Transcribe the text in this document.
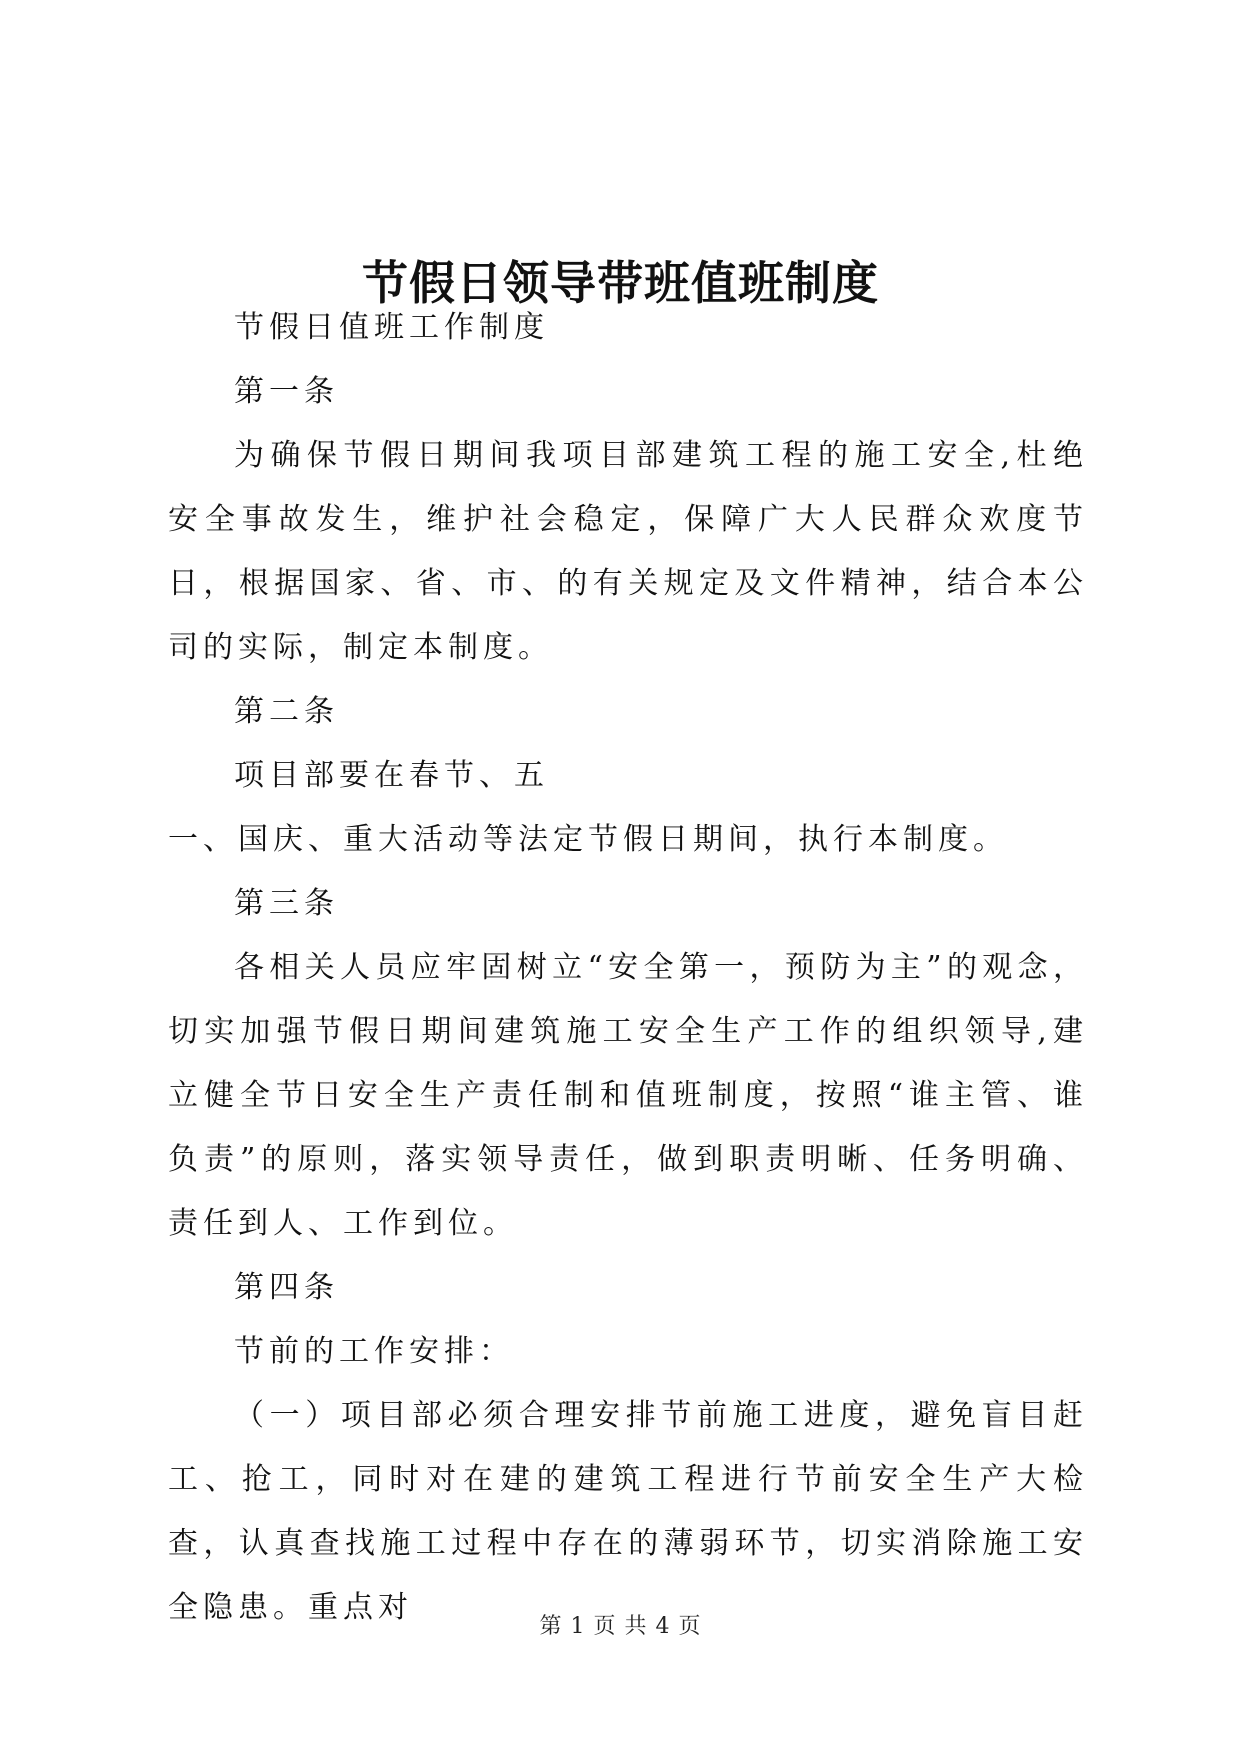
节假日领导带班值班制度

节假日值班工作制度

第一条

为确保节假日期间我项目部建筑工程的施工安全,杜绝安全事故发生，维护社会稳定，保障广大人民群众欢度节日，根据国家、省、市、的有关规定及文件精神，结合本公司的实际，制定本制度。

第二条

项目部要在春节、五

一、国庆、重大活动等法定节假日期间，执行本制度。

第三条

各相关人员应牢固树立“安全第一，预防为主”的观念，切实加强节假日期间建筑施工安全生产工作的组织领导,建立健全节日安全生产责任制和值班制度，按照“谁主管、谁负责”的原则，落实领导责任，做到职责明晰、任务明确、责任到人、工作到位。

第四条

节前的工作安排：

（一）项目部必须合理安排节前施工进度，避免盲目赶工、抢工，同时对在建的建筑工程进行节前安全生产大检查，认真查找施工过程中存在的薄弱环节，切实消除施工安全隐患。重点对

第 1 页 共 4 页
